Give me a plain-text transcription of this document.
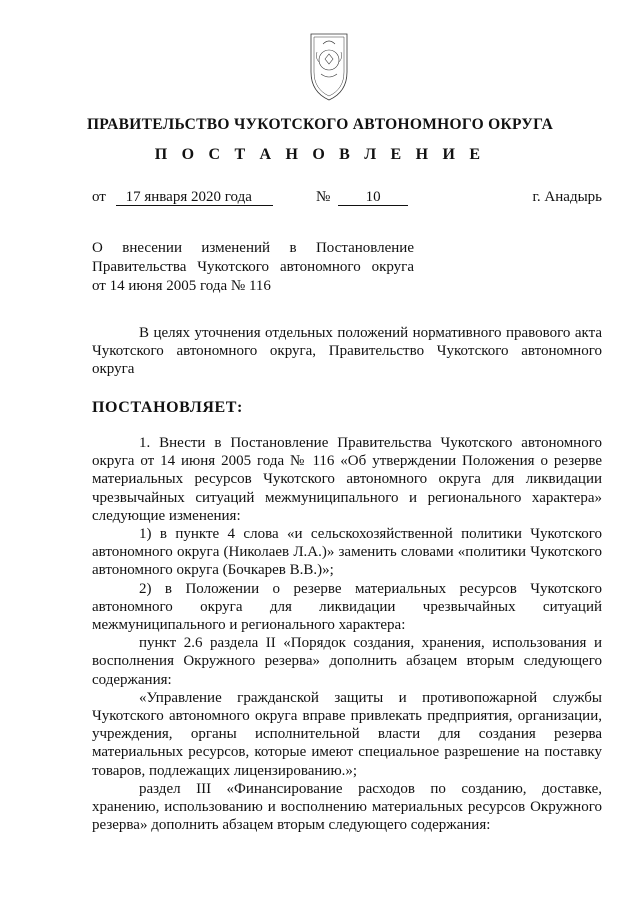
ПРАВИТЕЛЬСТВО ЧУКОТСКОГО АВТОНОМНОГО ОКРУГА
П О С Т А Н О В Л Е Н И Е
от 17 января 2020 года	№ 10	г. Анадырь
О внесении изменений в Постановление
Правительства Чукотского автономного округа
от 14 июня 2005 года № 116

В целях уточнения отдельных положений нормативного правового акта Чукотского автономного округа, Правительство Чукотского автономного округа

ПОСТАНОВЛЯЕТ:

1. Внести в Постановление Правительства Чукотского автономного округа от 14 июня 2005 года № 116 «Об утверждении Положения о резерве материальных ресурсов Чукотского автономного округа для ликвидации чрезвычайных ситуаций межмуниципального и регионального характера» следующие изменения:

1) в пункте 4 слова «и сельскохозяйственной политики Чукотского автономного округа (Николаев Л.А.)» заменить словами «политики Чукотского автономного округа (Бочкарев В.В.)»;

2) в Положении о резерве материальных ресурсов Чукотского автономного округа для ликвидации чрезвычайных ситуаций межмуниципального и регионального характера:

пункт 2.6 раздела II «Порядок создания, хранения, использования и восполнения Окружного резерва» дополнить абзацем вторым следующего содержания:

«Управление гражданской защиты и противопожарной службы Чукотского автономного округа вправе привлекать предприятия, организации, учреждения, органы исполнительной власти для создания резерва материальных ресурсов, которые имеют специальное разрешение на поставку товаров, подлежащих лицензированию.»;

раздел III «Финансирование расходов по созданию, доставке, хранению, использованию и восполнению материальных ресурсов Окружного резерва» дополнить абзацем вторым следующего содержания:
